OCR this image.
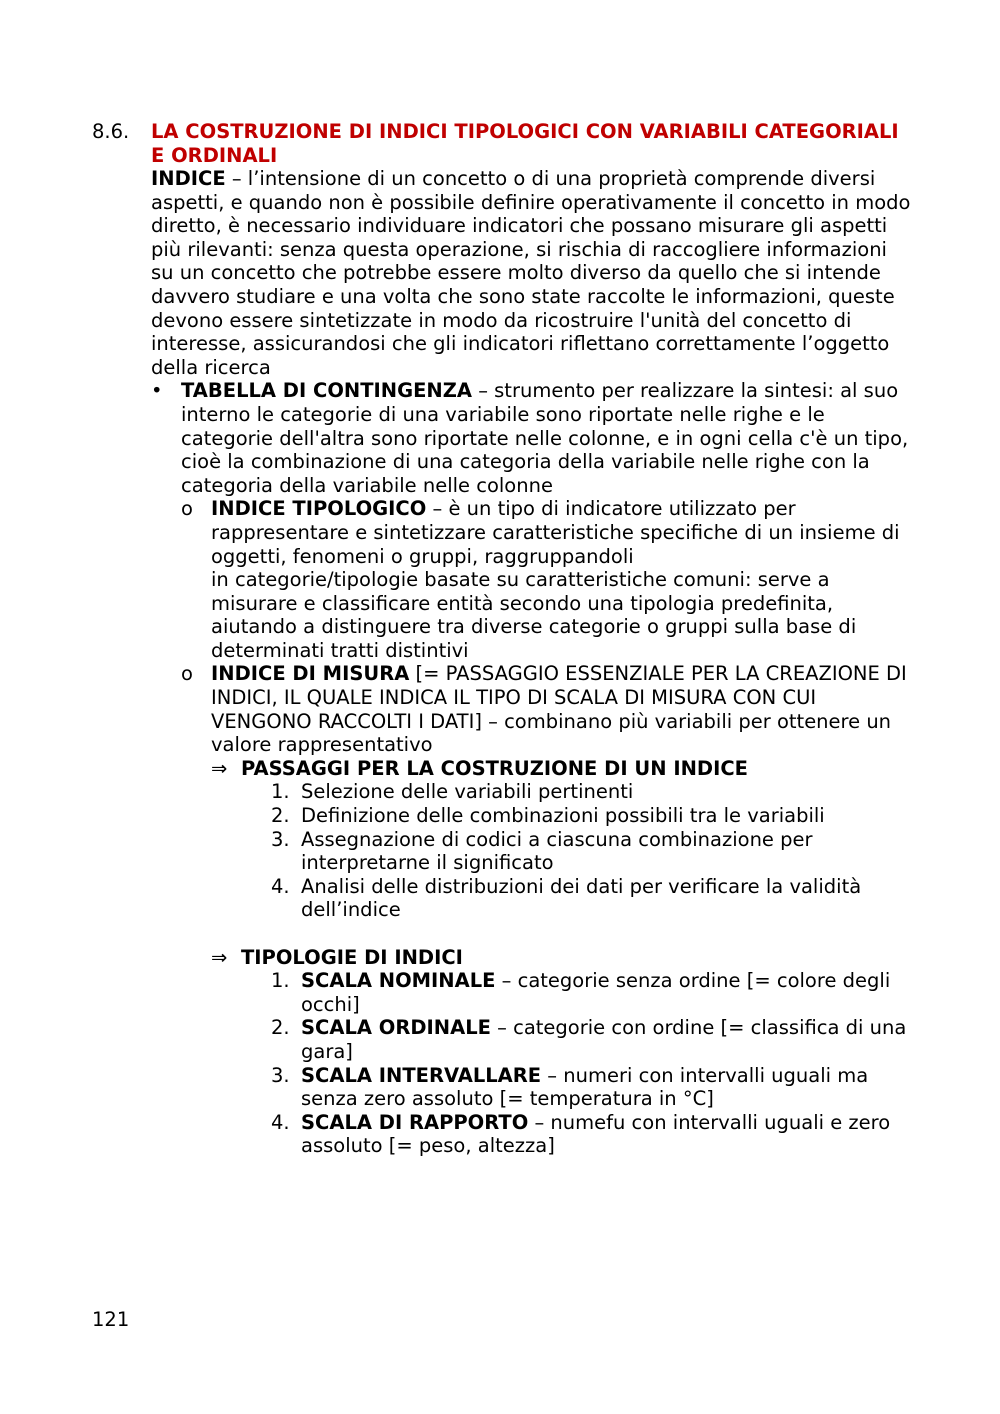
8.6. LA COSTRUZIONE DI INDICI TIPOLOGICI CON VARIABILI CATEGORIALI E ORDINALI

INDICE – l’intensione di un concetto o di una proprietà comprende diversi aspetti, e quando non è possibile definire operativamente il concetto in modo diretto, è necessario individuare indicatori che possano misurare gli aspetti più rilevanti: senza questa operazione, si rischia di raccogliere informazioni su un concetto che potrebbe essere molto diverso da quello che si intende davvero studiare e una volta che sono state raccolte le informazioni, queste devono essere sintetizzate in modo da ricostruire l'unità del concetto di interesse, assicurandosi che gli indicatori riflettano correttamente l’oggetto della ricerca

• TABELLA DI CONTINGENZA – strumento per realizzare la sintesi: al suo interno le categorie di una variabile sono riportate nelle righe e le categorie dell'altra sono riportate nelle colonne, e in ogni cella c'è un tipo, cioè la combinazione di una categoria della variabile nelle righe con la categoria della variabile nelle colonne
o INDICE TIPOLOGICO – è un tipo di indicatore utilizzato per rappresentare e sintetizzare caratteristiche specifiche di un insieme di oggetti, fenomeni o gruppi, raggruppandoli
in categorie/tipologie basate su caratteristiche comuni: serve a misurare e classificare entità secondo una tipologia predefinita, aiutando a distinguere tra diverse categorie o gruppi sulla base di determinati tratti distintivi
o INDICE DI MISURA [= PASSAGGIO ESSENZIALE PER LA CREAZIONE DI INDICI, IL QUALE INDICA IL TIPO DI SCALA DI MISURA CON CUI VENGONO RACCOLTI I DATI] – combinano più variabili per ottenere un valore rappresentativo
⇒ PASSAGGI PER LA COSTRUZIONE DI UN INDICE
1. Selezione delle variabili pertinenti
2. Definizione delle combinazioni possibili tra le variabili
3. Assegnazione di codici a ciascuna combinazione per interpretarne il significato
4. Analisi delle distribuzioni dei dati per verificare la validità dell’indice
⇒ TIPOLOGIE DI INDICI
1. SCALA NOMINALE – categorie senza ordine [= colore degli occhi]
2. SCALA ORDINALE – categorie con ordine [= classifica di una gara]
3. SCALA INTERVALLARE – numeri con intervalli uguali ma senza zero assoluto [= temperatura in °C]
4. SCALA DI RAPPORTO – numefu con intervalli uguali e zero assoluto [= peso, altezza]
121
